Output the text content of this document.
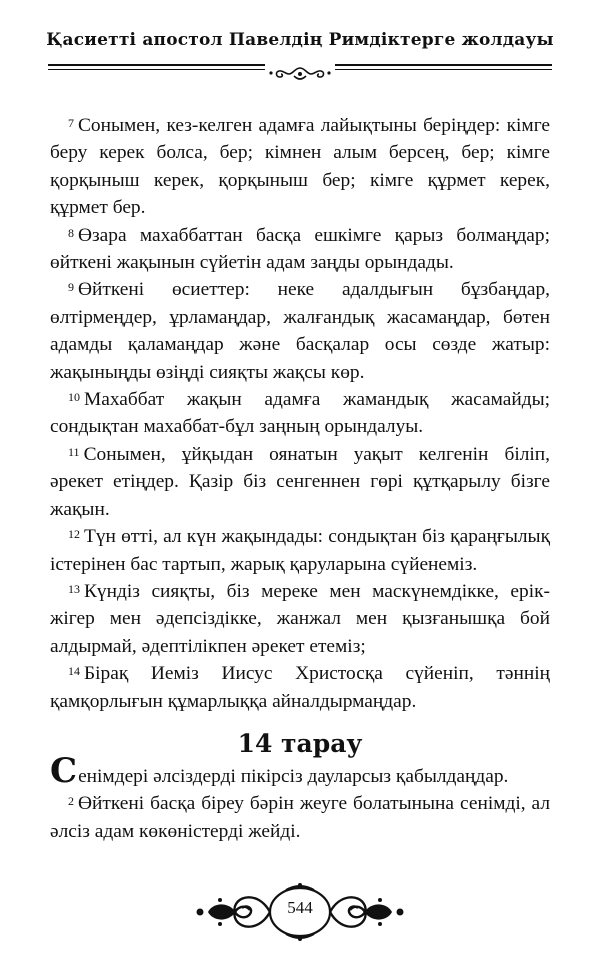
Қасиетті апостол Павелдің Римдіктерге жолдауы

$^7$ Сонымен, кез-келген адамға лайықтыны беріңдер: кімге беру керек болса, бер; кімнен алым берсең, бер; кімге қорқыныш керек, қорқыныш бер; кімге құрмет керек, құрмет бер.

$^8$ Өзара махаббаттан басқа ешкімге қарыз болмаңдар; өйткені жақынын сүйетін адам заңды орындады.

$^9$ Өйткені өсиеттер: неке адалдығын бұзбаңдар, өлтірмеңдер, ұрламаңдар, жалғандық жасамаңдар, бөтен адамды қаламаңдар және басқалар осы сөзде жатыр: жақыныңды өзіңді сияқты жақсы көр.

$^{10}$ Махаббат жақын адамға жамандық жасамайды; сондықтан махаббат-бұл заңның орындалуы.

$^{11}$ Сонымен, ұйқыдан оянатын уақыт келгенін біліп, әрекет етіңдер. Қазір біз сенгеннен гөрі құтқарылу бізге жақын.

$^{12}$ Түн өтті, ал күн жақындады: сондықтан біз қараңғылық істерінен бас тартып, жарық қаруларына сүйенеміз.

$^{13}$ Күндіз сияқты, біз мереке мен маскүнемдікке, ерік-жігер мен әдепсіздікке, жанжал мен қызғанышқа бой алдырмай, әдептілікпен әрекет етеміз;

$^{14}$ Бірақ Иеміз Иисус Христосқа сүйеніп, тәннің қамқорлығын құмарлыққа айналдырмаңдар.

14 тарау

Сенімдері әлсіздерді пікірсіз дауларсыз қабылдаңдар.

$^2$ Өйткені басқа біреу бәрін жеуге болатынына сенімді, ал әлсіз адам көкөністерді жейді.

544
